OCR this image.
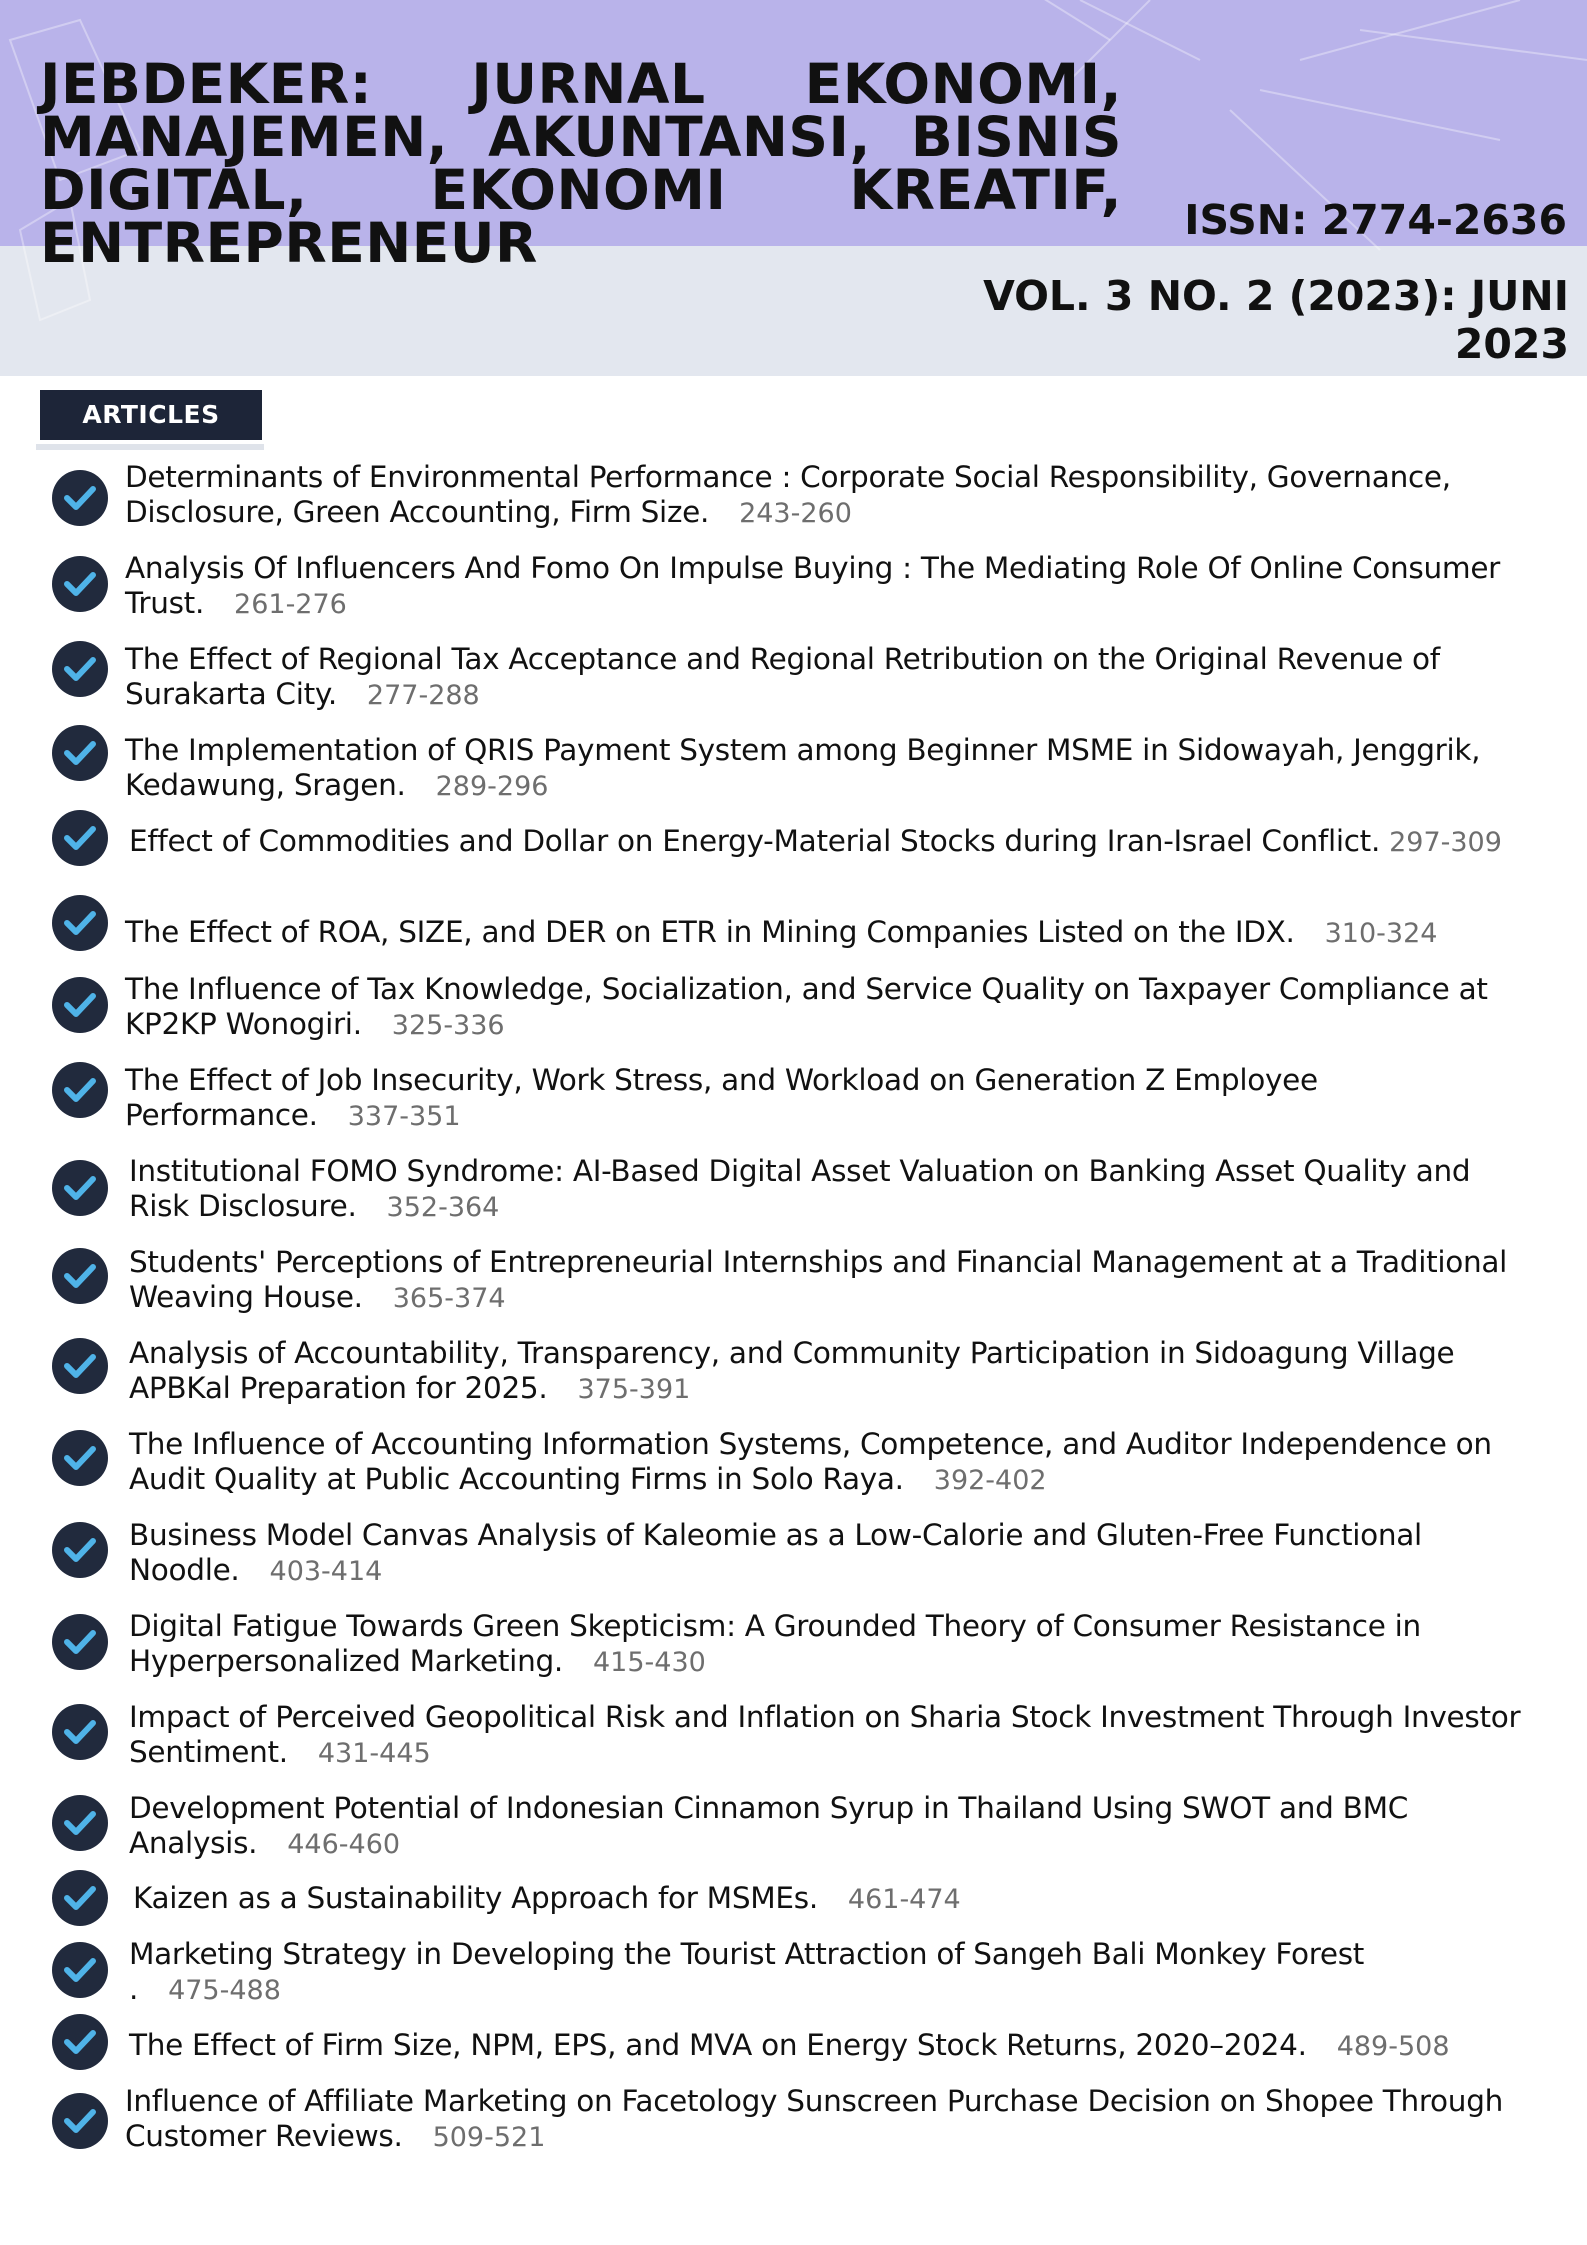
JEBDEKER: JURNAL EKONOMI, MANAJEMEN, AKUNTANSI, BISNIS DIGITAL, EKONOMI KREATIF, ENTREPRENEUR	ISSN: 2774-2636
VOL. 3 NO. 2 (2023): JUNI 2023
ARTICLES
Determinants of Environmental Performance : Corporate Social Responsibility, Governance, Disclosure, Green Accounting, Firm Size. 243-260
Analysis Of Influencers And Fomo On Impulse Buying : The Mediating Role Of Online Consumer Trust. 261-276
The Effect of Regional Tax Acceptance and Regional Retribution on the Original Revenue of Surakarta City. 277-288
The Implementation of QRIS Payment System among Beginner MSME in Sidowayah, Jenggrik, Kedawung, Sragen. 289-296
Effect of Commodities and Dollar on Energy-Material Stocks during Iran-Israel Conflict. 297-309
The Effect of ROA, SIZE, and DER on ETR in Mining Companies Listed on the IDX. 310-324
The Influence of Tax Knowledge, Socialization, and Service Quality on Taxpayer Compliance at KP2KP Wonogiri. 325-336
The Effect of Job Insecurity, Work Stress, and Workload on Generation Z Employee Performance. 337-351
Institutional FOMO Syndrome: AI-Based Digital Asset Valuation on Banking Asset Quality and Risk Disclosure. 352-364
Students' Perceptions of Entrepreneurial Internships and Financial Management at a Traditional Weaving House. 365-374
Analysis of Accountability, Transparency, and Community Participation in Sidoagung Village APBKal Preparation for 2025. 375-391
The Influence of Accounting Information Systems, Competence, and Auditor Independence on Audit Quality at Public Accounting Firms in Solo Raya. 392-402
Business Model Canvas Analysis of Kaleomie as a Low-Calorie and Gluten-Free Functional Noodle. 403-414
Digital Fatigue Towards Green Skepticism: A Grounded Theory of Consumer Resistance in Hyperpersonalized Marketing. 415-430
Impact of Perceived Geopolitical Risk and Inflation on Sharia Stock Investment Through Investor Sentiment. 431-445
Development Potential of Indonesian Cinnamon Syrup in Thailand Using SWOT and BMC Analysis. 446-460
Kaizen as a Sustainability Approach for MSMEs. 461-474
Marketing Strategy in Developing the Tourist Attraction of Sangeh Bali Monkey Forest . 475-488
The Effect of Firm Size, NPM, EPS, and MVA on Energy Stock Returns, 2020–2024. 489-508
Influence of Affiliate Marketing on Facetology Sunscreen Purchase Decision on Shopee Through Customer Reviews. 509-521
